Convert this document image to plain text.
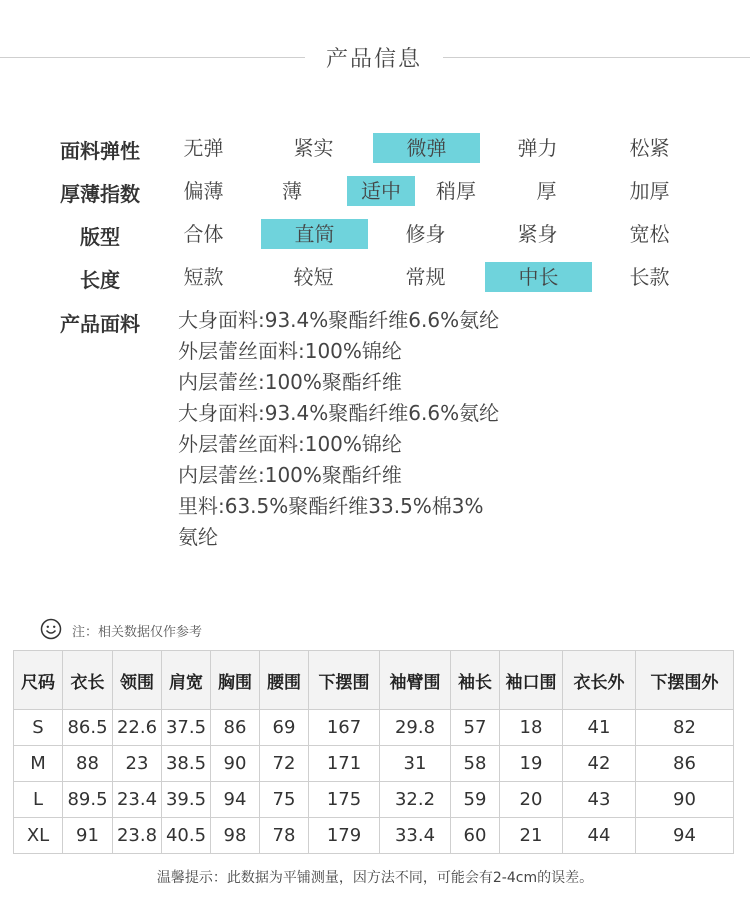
产品信息
面料弹性	无弹	紧实	微弹	弹力	松紧
厚薄指数	偏薄	薄	适中	稍厚	厚	加厚
版型	合体	直筒	修身	紧身	宽松
长度	短款	较短	常规	中长	长款
产品面料	大身面料:93.4%聚酯纤维6.6%氨纶
外层蕾丝面料:100%锦纶
内层蕾丝:100%聚酯纤维
大身面料:93.4%聚酯纤维6.6%氨纶
外层蕾丝面料:100%锦纶
内层蕾丝:100%聚酯纤维
里料:63.5%聚酯纤维33.5%棉3%
氨纶
注：相关数据仅作参考
尺码	衣长	领围	肩宽	胸围	腰围	下摆围	袖臂围	袖长	袖口围	衣长外	下摆围外
S	86.5	22.6	37.5	86	69	167	29.8	57	18	41	82
M	88	23	38.5	90	72	171	31	58	19	42	86
L	89.5	23.4	39.5	94	75	175	32.2	59	20	43	90
XL	91	23.8	40.5	98	78	179	33.4	60	21	44	94
温馨提示：此数据为平铺测量，因方法不同，可能会有2-4cm的误差。
